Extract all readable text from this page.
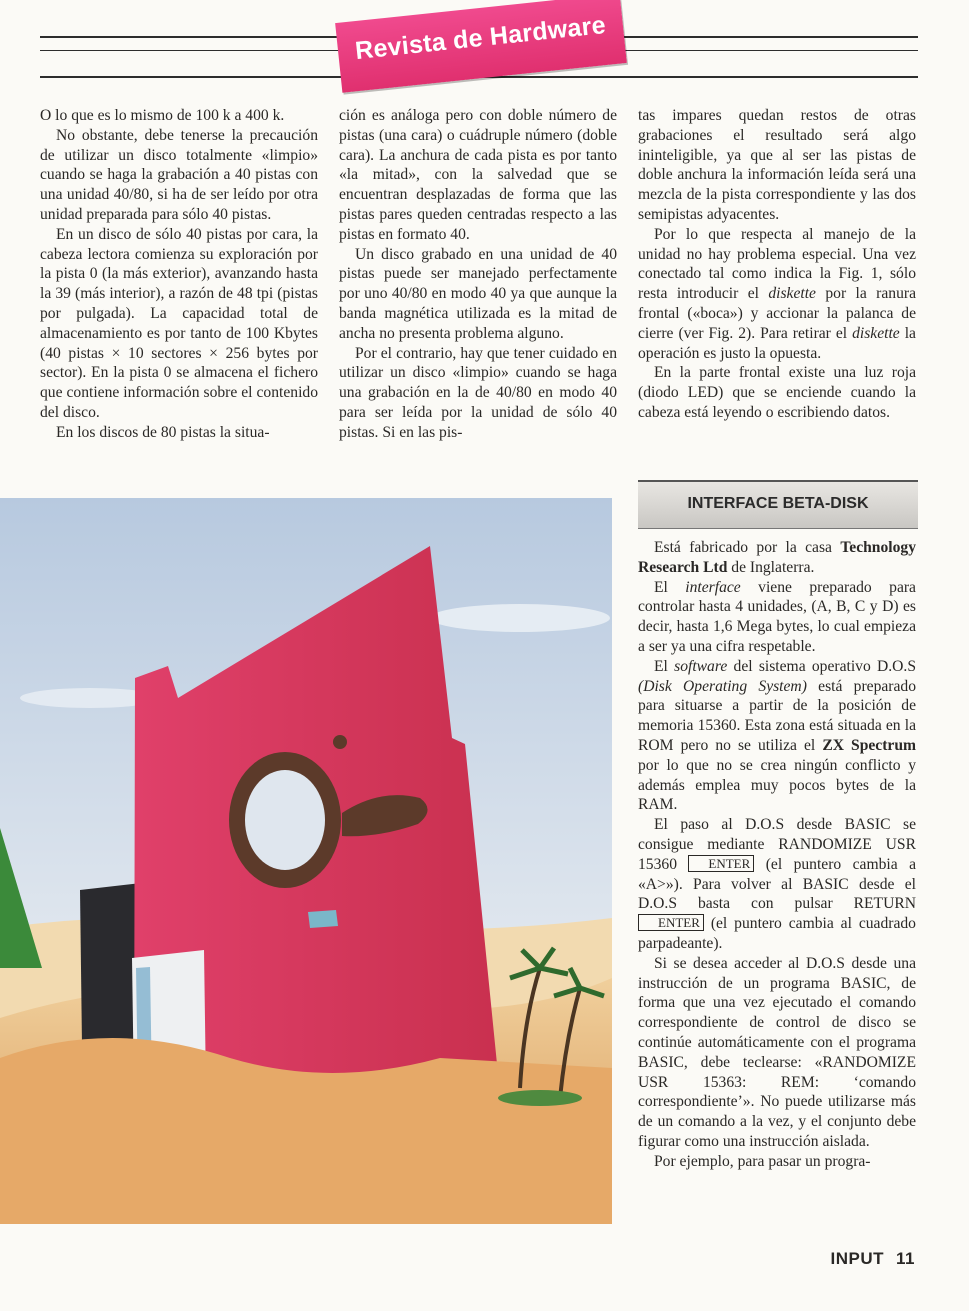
Revista de Hardware

O lo que es lo mismo de 100 k a 400 k.

No obstante, debe tenerse la precaución de utilizar un disco totalmente «limpio» cuando se haga la grabación a 40 pistas con una unidad 40/80, si ha de ser leído por otra unidad preparada para sólo 40 pistas.

En un disco de sólo 40 pistas por cara, la cabeza lectora comienza su exploración por la pista 0 (la más exterior), avanzando hasta la 39 (más interior), a razón de 48 tpi (pistas por pulgada). La capacidad total de almacenamiento es por tanto de 100 Kbytes (40 pistas × 10 sectores × 256 bytes por sector). En la pista 0 se almacena el fichero que contiene información sobre el contenido del disco.

En los discos de 80 pistas la situa-

ción es análoga pero con doble número de pistas (una cara) o cuádruple número (doble cara). La anchura de cada pista es por tanto «la mitad», con la salvedad que se encuentran desplazadas de forma que las pistas pares queden centradas respecto a las pistas en formato 40.

Un disco grabado en una unidad de 40 pistas puede ser manejado perfectamente por uno 40/80 en modo 40 ya que aunque la banda magnética utilizada es la mitad de ancha no presenta problema alguno.

Por el contrario, hay que tener cuidado en utilizar un disco «limpio» cuando se haga una grabación en la de 40/80 en modo 40 para ser leída por la unidad de sólo 40 pistas. Si en las pis-

tas impares quedan restos de otras grabaciones el resultado será algo ininteligible, ya que al ser las pistas de doble anchura la información leída será una mezcla de la pista correspondiente y las dos semipistas adyacentes.

Por lo que respecta al manejo de la unidad no hay problema especial. Una vez conectado tal como indica la Fig. 1, sólo resta introducir el diskette por la ranura frontal («boca») y accionar la palanca de cierre (ver Fig. 2). Para retirar el diskette la operación es justo la opuesta.

En la parte frontal existe una luz roja (diodo LED) que se enciende cuando la cabeza está leyendo o escribiendo datos.

INTERFACE BETA-DISK

Está fabricado por la casa Technology Research Ltd de Inglaterra.

El interface viene preparado para controlar hasta 4 unidades, (A, B, C y D) es decir, hasta 1,6 Mega bytes, lo cual empieza a ser ya una cifra respetable.

El software del sistema operativo D.O.S (Disk Operating System) está preparado para situarse a partir de la posición de memoria 15360. Esta zona está situada en la ROM pero no se utiliza el ZX Spectrum por lo que no se crea ningún conflicto y además emplea muy pocos bytes de la RAM.

El paso al D.O.S desde BASIC se consigue mediante RANDOMIZE USR 15360 ENTER (el puntero cambia a «A>»). Para volver al BASIC desde el D.O.S basta con pulsar RETURN ENTER (el puntero cambia al cuadrado parpadeante).

Si se desea acceder al D.O.S desde una instrucción de un programa BASIC, de forma que una vez ejecutado el comando correspondiente de control de disco se continúe automáticamente con el programa BASIC, debe teclearse: «RANDOMIZE USR 15363: REM: ‘comando correspondiente’». No puede utilizarse más de un comando a la vez, y el conjunto debe figurar como una instrucción aislada.

Por ejemplo, para pasar un progra-

INPUT 11
